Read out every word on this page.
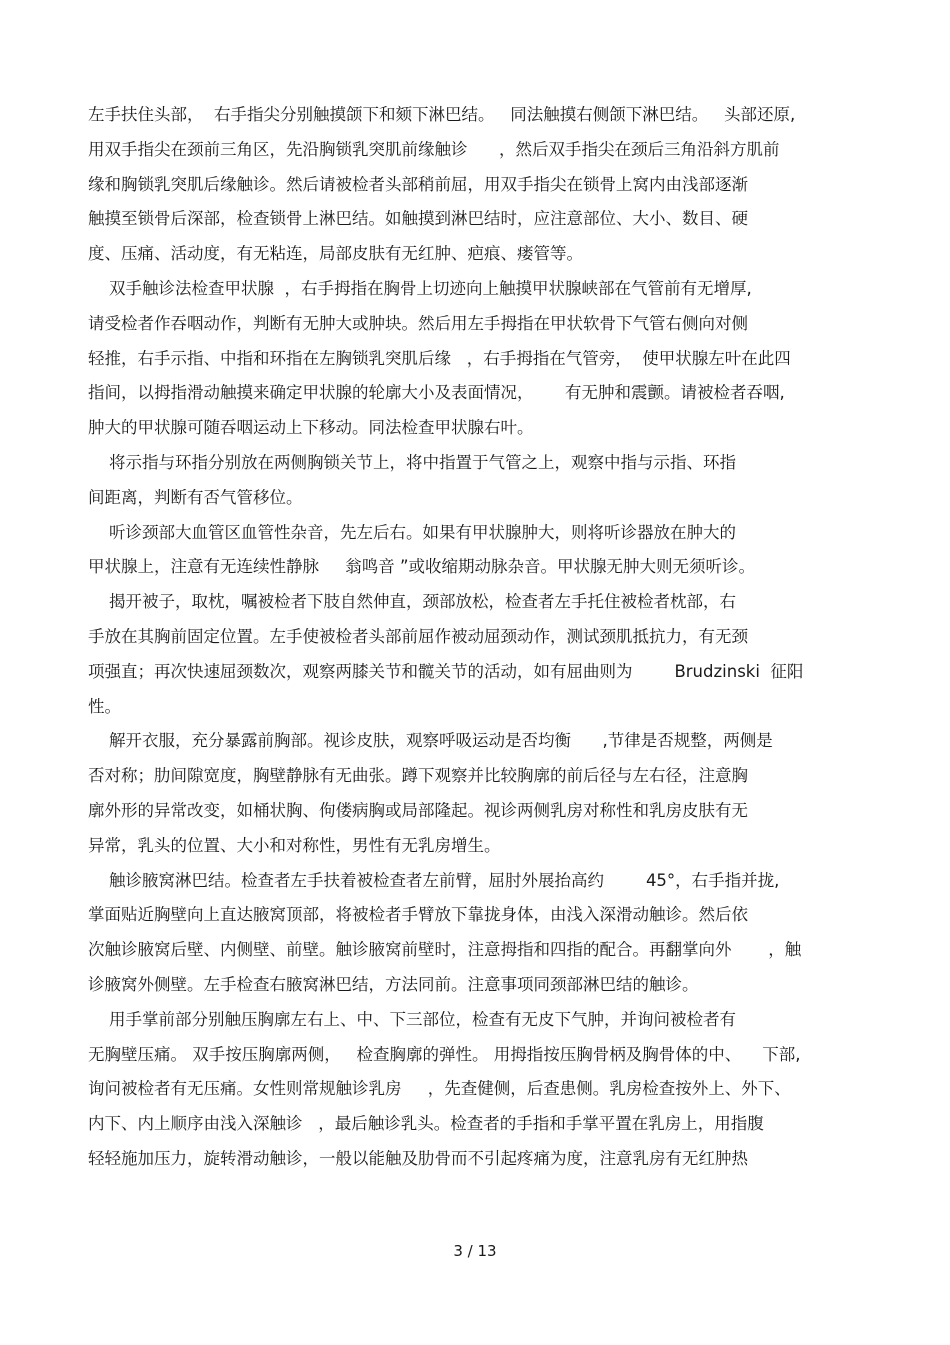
左手扶住头部，  右手指尖分别触摸颌下和颏下淋巴结。   同法触摸右侧颌下淋巴结。   头部还原,
用双手指尖在颈前三角区，先沿胸锁乳突肌前缘触诊      ，然后双手指尖在颈后三角沿斜方肌前
缘和胸锁乳突肌后缘触诊。然后请被检者头部稍前屈，用双手指尖在锁骨上窝内由浅部逐渐
触摸至锁骨后深部，检查锁骨上淋巴结。如触摸到淋巴结时，应注意部位、大小、数目、硬
度、压痛、活动度，有无粘连，局部皮肤有无红肿、疤痕、瘘管等。
双手触诊法检查甲状腺  ，右手拇指在胸骨上切迹向上触摸甲状腺峡部在气管前有无增厚,
请受检者作吞咽动作，判断有无肿大或肿块。然后用左手拇指在甲状软骨下气管右侧向对侧
轻推，右手示指、中指和环指在左胸锁乳突肌后缘   ，右手拇指在气管旁，  使甲状腺左叶在此四
指间，以拇指滑动触摸来确定甲状腺的轮廓大小及表面情况，      有无肿和震颤。请被检者吞咽,
肿大的甲状腺可随吞咽运动上下移动。同法检查甲状腺右叶。
将示指与环指分别放在两侧胸锁关节上，将中指置于气管之上，观察中指与示指、环指
间距离，判断有否气管移位。
听诊颈部大血管区血管性杂音，先左后右。如果有甲状腺肿大，则将听诊器放在肿大的
甲状腺上，注意有无连续性静脉     翁鸣音 ”或收缩期动脉杂音。甲状腺无肿大则无须听诊。
揭开被子，取枕，嘱被检者下肢自然伸直，颈部放松，检查者左手托住被检者枕部，右
手放在其胸前固定位置。左手使被检者头部前屈作被动屈颈动作，测试颈肌抵抗力，有无颈
项强直；再次快速屈颈数次，观察两膝关节和髋关节的活动，如有屈曲则为        Brudzinski  征阳
性。
解开衣服，充分暴露前胸部。视诊皮肤，观察呼吸运动是否均衡      ,节律是否规整，两侧是
否对称；肋间隙宽度，胸壁静脉有无曲张。蹲下观察并比较胸廓的前后径与左右径，注意胸
廓外形的异常改变，如桶状胸、佝偻病胸或局部隆起。视诊两侧乳房对称性和乳房皮肤有无
异常，乳头的位置、大小和对称性，男性有无乳房增生。
触诊腋窝淋巴结。检查者左手扶着被检查者左前臂，屈肘外展抬高约        45°，右手指并拢,
掌面贴近胸壁向上直达腋窝顶部，将被检者手臂放下靠拢身体，由浅入深滑动触诊。然后依
次触诊腋窝后壁、内侧壁、前壁。触诊腋窝前壁时，注意拇指和四指的配合。再翻掌向外       ，触
诊腋窝外侧壁。左手检查右腋窝淋巴结，方法同前。注意事项同颈部淋巴结的触诊。
用手掌前部分别触压胸廓左右上、中、下三部位，检查有无皮下气肿，并询问被检者有
无胸壁压痛。 双手按压胸廓两侧，   检查胸廓的弹性。 用拇指按压胸骨柄及胸骨体的中、    下部,
询问被检者有无压痛。女性则常规触诊乳房     ，先查健侧，后查患侧。乳房检查按外上、外下、
内下、内上顺序由浅入深触诊   ，最后触诊乳头。检查者的手指和手掌平置在乳房上，用指腹
轻轻施加压力，旋转滑动触诊，一般以能触及肋骨而不引起疼痛为度，注意乳房有无红肿热
3 / 13
